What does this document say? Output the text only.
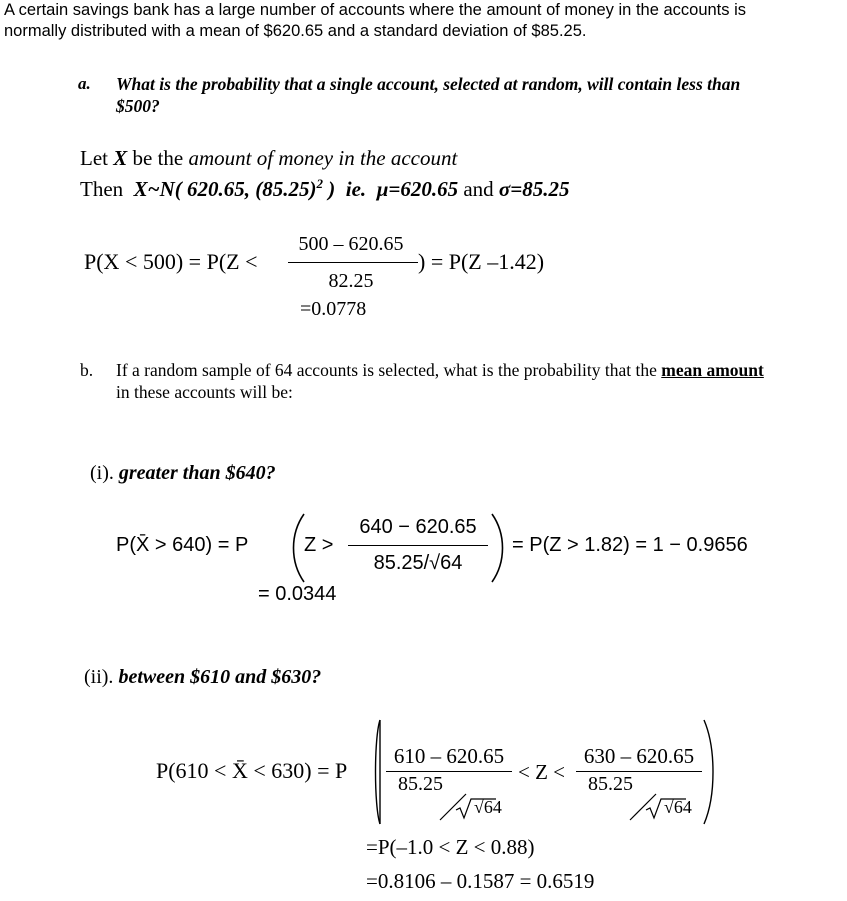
A certain savings bank has a large number of accounts where the amount of money in the accounts is
normally distributed with a mean of $620.65 and a standard deviation of $85.25.
a. What is the probability that a single account, selected at random, will contain less than
$500?
Let X be the amount of money in the account
Then X~N( 620.65, $(85.25)^2$ ) ie. μ=620.65 and σ=85.25
P(X < 500) = P(Z <
500 – 620.65
82.25
) = P(Z –1.42)
=0.0778
b. If a random sample of 64 accounts is selected, what is the probability that the mean amount
in these accounts will be:
(i). greater than $640?
P(X̄ > 640) = P	Z >
640 − 620.65
85.25/√64
= P(Z > 1.82) = 1 − 0.9656
= 0.0344
(ii). between $610 and $630?
P(610 < X̄ < 630) = P
610 – 620.65
85.25
√64
< Z <
630 – 620.65
85.25
√64
=P(–1.0 < Z < 0.88)
=0.8106 – 0.1587 = 0.6519
